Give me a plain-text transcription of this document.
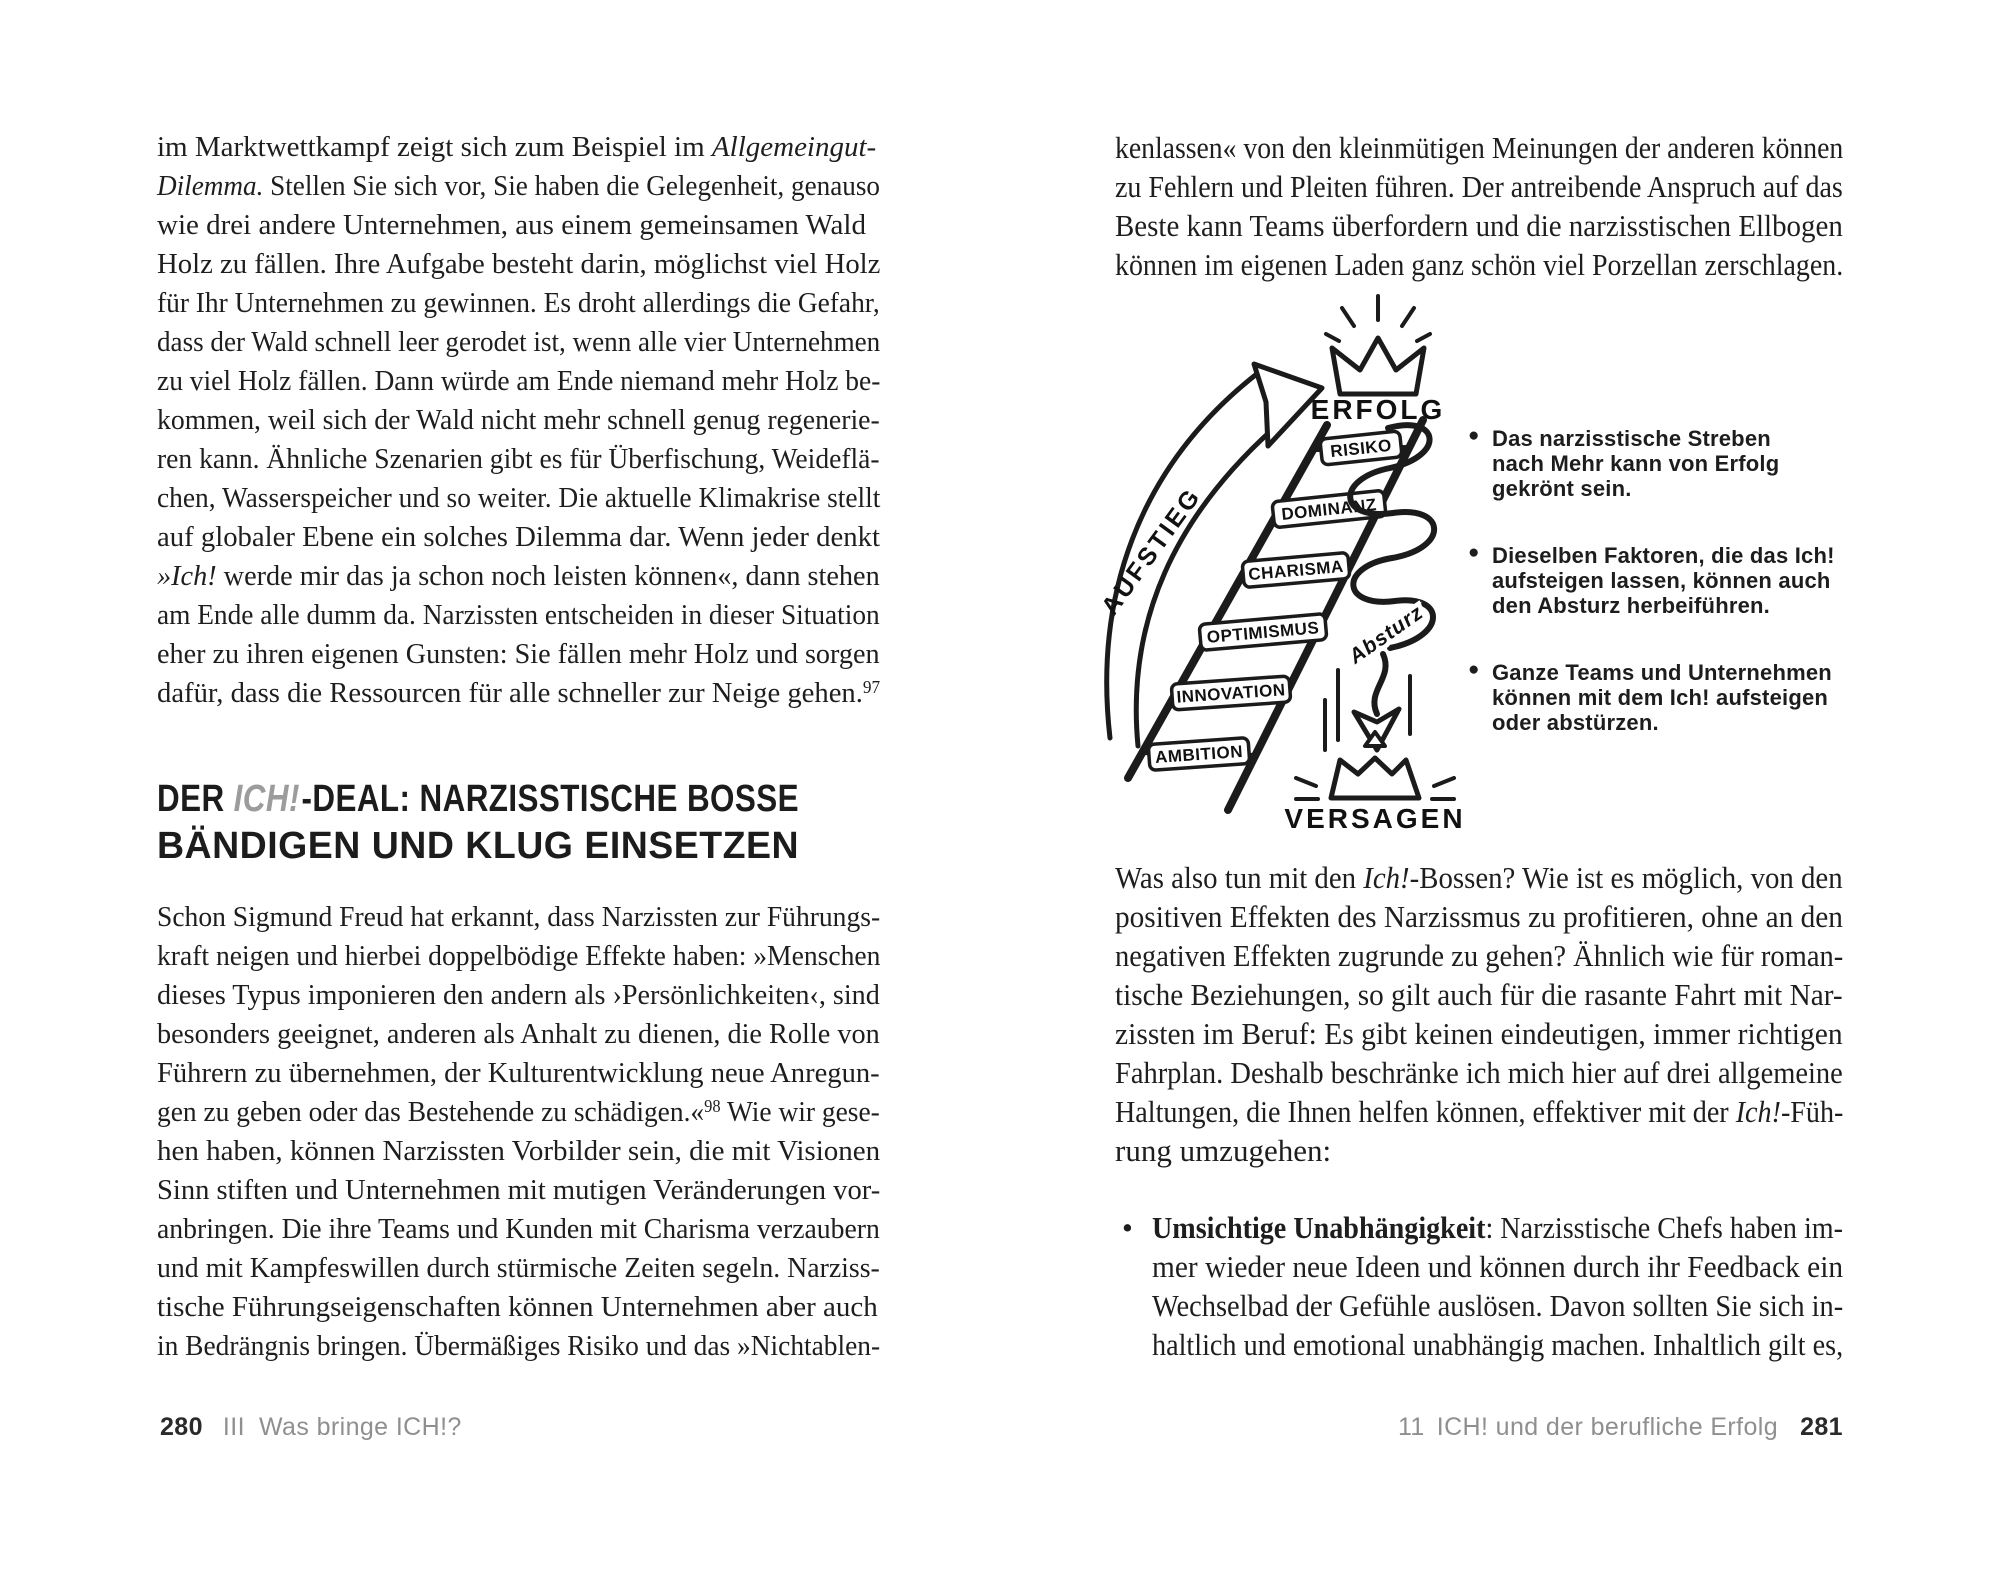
im Marktwettkampf zeigt sich zum Beispiel im Allgemeingut-
Dilemma. Stellen Sie sich vor, Sie haben die Gelegenheit, genauso
wie drei andere Unternehmen, aus einem gemeinsamen Wald
Holz zu fällen. Ihre Aufgabe besteht darin, möglichst viel Holz
für Ihr Unternehmen zu gewinnen. Es droht allerdings die Gefahr,
dass der Wald schnell leer gerodet ist, wenn alle vier Unternehmen
zu viel Holz fällen. Dann würde am Ende niemand mehr Holz be-
kommen, weil sich der Wald nicht mehr schnell genug regenerie-
ren kann. Ähnliche Szenarien gibt es für Überfischung, Weideflä-
chen, Wasserspeicher und so weiter. Die aktuelle Klimakrise stellt
auf globaler Ebene ein solches Dilemma dar. Wenn jeder denkt
»Ich! werde mir das ja schon noch leisten können«, dann stehen
am Ende alle dumm da. Narzissten entscheiden in dieser Situation
eher zu ihren eigenen Gunsten: Sie fällen mehr Holz und sorgen
dafür, dass die Ressourcen für alle schneller zur Neige gehen.$^{97}$
DER ICH!-DEAL: NARZISSTISCHE BOSSE
BÄNDIGEN UND KLUG EINSETZEN
Schon Sigmund Freud hat erkannt, dass Narzissten zur Führungs-
kraft neigen und hierbei doppelbödige Effekte haben: »Menschen
dieses Typus imponieren den andern als ›Persönlichkeiten‹, sind
besonders geeignet, anderen als Anhalt zu dienen, die Rolle von
Führern zu übernehmen, der Kulturentwicklung neue Anregun-
gen zu geben oder das Bestehende zu schädigen.«$^{98}$ Wie wir gese-
hen haben, können Narzissten Vorbilder sein, die mit Visionen
Sinn stiften und Unternehmen mit mutigen Veränderungen vor-
anbringen. Die ihre Teams und Kunden mit Charisma verzaubern
und mit Kampfeswillen durch stürmische Zeiten segeln. Narziss-
tische Führungseigenschaften können Unternehmen aber auch
in Bedrängnis bringen. Übermäßiges Risiko und das »Nichtablen-
280 III Was bringe ICH!?
kenlassen« von den kleinmütigen Meinungen der anderen können
zu Fehlern und Pleiten führen. Der antreibende Anspruch auf das
Beste kann Teams überfordern und die narzisstischen Ellbogen
können im eigenen Laden ganz schön viel Porzellan zerschlagen.
ERFOLG
AUFSTIEG
AMBITION
INNOVATION
OPTIMISMUS
CHARISMA
DOMINANZ
RISIKO
Absturz
VERSAGEN
● Das narzisstische Streben
nach Mehr kann von Erfolg
gekrönt sein.
● Dieselben Faktoren, die das Ich!
aufsteigen lassen, können auch
den Absturz herbeiführen.
● Ganze Teams und Unternehmen
können mit dem Ich! aufsteigen
oder abstürzen.
Was also tun mit den Ich!-Bossen? Wie ist es möglich, von den
positiven Effekten des Narzissmus zu profitieren, ohne an den
negativen Effekten zugrunde zu gehen? Ähnlich wie für roman-
tische Beziehungen, so gilt auch für die rasante Fahrt mit Nar-
zissten im Beruf: Es gibt keinen eindeutigen, immer richtigen
Fahrplan. Deshalb beschränke ich mich hier auf drei allgemeine
Haltungen, die Ihnen helfen können, effektiver mit der Ich!-Füh-
rung umzugehen:
• Umsichtige Unabhängigkeit: Narzisstische Chefs haben im-
mer wieder neue Ideen und können durch ihr Feedback ein
Wechselbad der Gefühle auslösen. Davon sollten Sie sich in-
haltlich und emotional unabhängig machen. Inhaltlich gilt es,
11 ICH! und der berufliche Erfolg 281
